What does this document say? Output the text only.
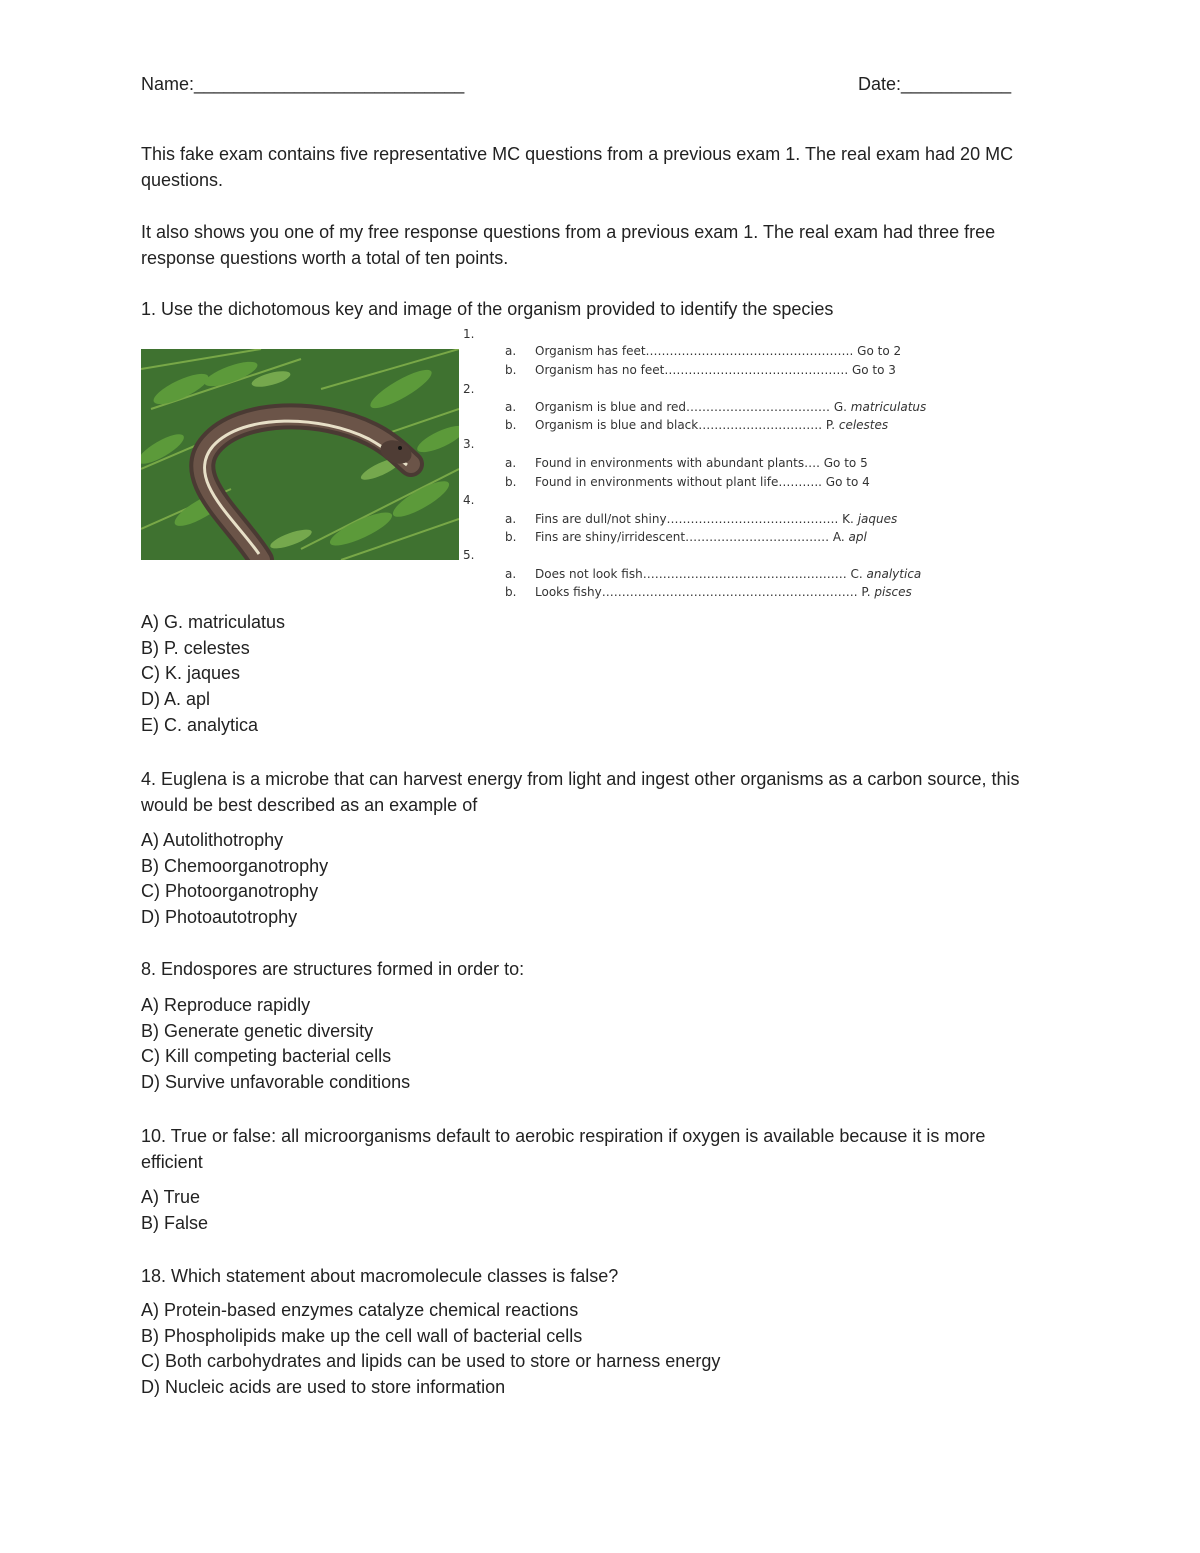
Name:___________________________	Date:___________
This fake exam contains five representative MC questions from a previous exam 1. The real exam had 20 MC questions.
It also shows you one of my free response questions from a previous exam 1. The real exam had three free response questions worth a total of ten points.
1. Use the dichotomous key and image of the organism provided to identify the species
1.
a. Organism has feet……………………………………………. Go to 2
b. Organism has no feet………………………………………. Go to 3
2.
a. Organism is blue and red……………………………… G. matriculatus
b. Organism is blue and black…………………………. P. celestes
3.
a. Found in environments with abundant plants…. Go to 5
b. Found in environments without plant life……….. Go to 4
4.
a. Fins are dull/not shiny……………………………………. K. jaques
b. Fins are shiny/irridescent……………………………… A. apl
5.
a. Does not look fish…………………………………………… C. analytica
b. Looks fishy………………………………………………………. P. pisces
A) G. matriculatus
B) P. celestes
C) K. jaques
D) A. apl
E) C. analytica
4. Euglena is a microbe that can harvest energy from light and ingest other organisms as a carbon source, this would be best described as an example of
A) Autolithotrophy
B) Chemoorganotrophy
C) Photoorganotrophy
D) Photoautotrophy
8. Endospores are structures formed in order to:
A) Reproduce rapidly
B) Generate genetic diversity
C) Kill competing bacterial cells
D) Survive unfavorable conditions
10. True or false: all microorganisms default to aerobic respiration if oxygen is available because it is more efficient
A) True
B) False
18. Which statement about macromolecule classes is false?
A) Protein-based enzymes catalyze chemical reactions
B) Phospholipids make up the cell wall of bacterial cells
C) Both carbohydrates and lipids can be used to store or harness energy
D) Nucleic acids are used to store information
